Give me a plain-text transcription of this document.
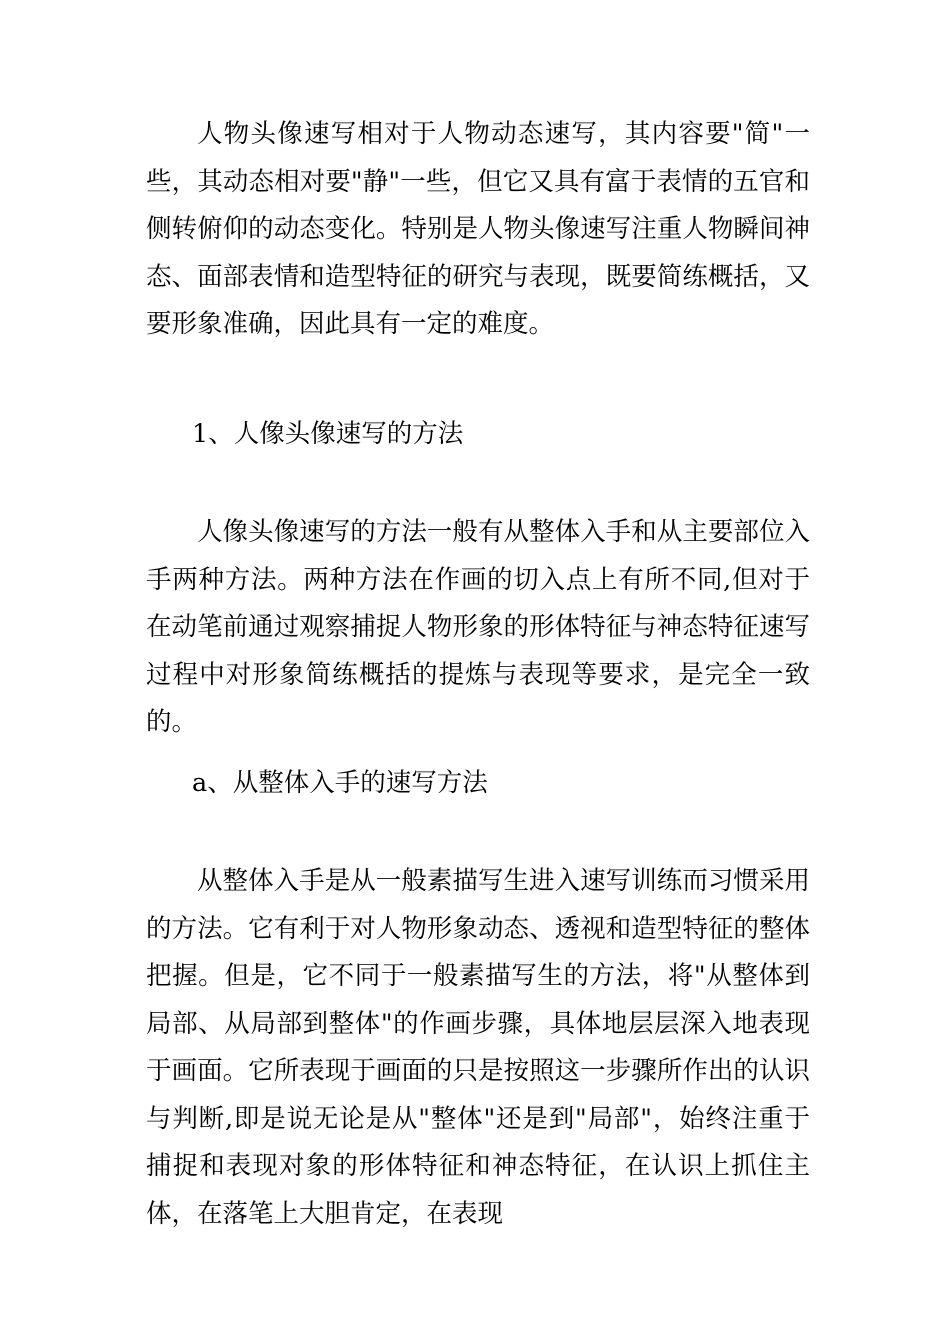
人物头像速写相对于人物动态速写，其内容要"简"一些，其动态相对要"静"一些，但它又具有富于表情的五官和侧转俯仰的动态变化。特别是人物头像速写注重人物瞬间神态、面部表情和造型特征的研究与表现，既要简练概括，又要形象准确，因此具有一定的难度。

1、人像头像速写的方法

人像头像速写的方法一般有从整体入手和从主要部位入手两种方法。两种方法在作画的切入点上有所不同,但对于在动笔前通过观察捕捉人物形象的形体特征与神态特征速写过程中对形象简练概括的提炼与表现等要求，是完全一致的。

a、从整体入手的速写方法

从整体入手是从一般素描写生进入速写训练而习惯采用的方法。它有利于对人物形象动态、透视和造型特征的整体把握。但是，它不同于一般素描写生的方法，将"从整体到局部、从局部到整体"的作画步骤，具体地层层深入地表现于画面。它所表现于画面的只是按照这一步骤所作出的认识与判断,即是说无论是从"整体"还是到"局部"，始终注重于捕捉和表现对象的形体特征和神态特征，在认识上抓住主体，在落笔上大胆肯定，在表现
